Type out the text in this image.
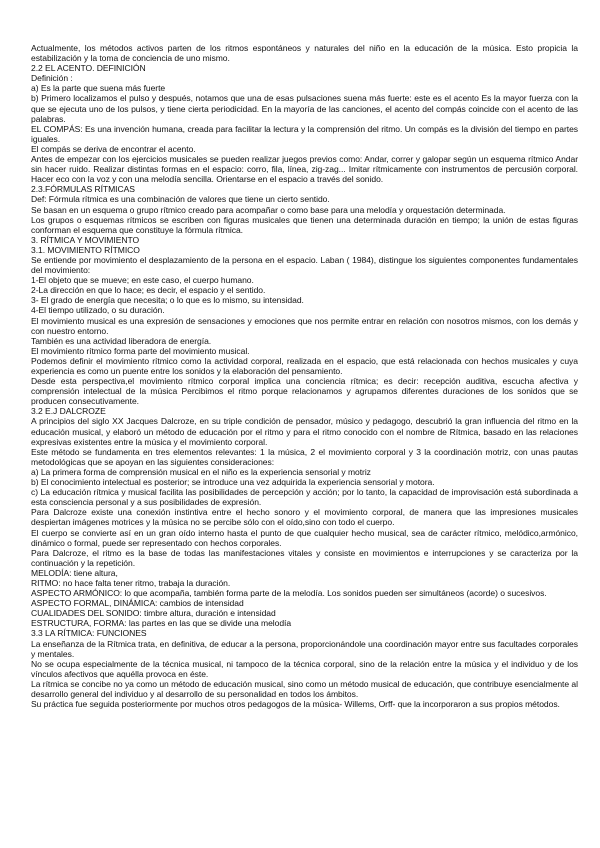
Actualmente, los métodos activos parten de los ritmos espontáneos y naturales del niño en la educación de la música. Esto propicia la estabilización y la toma de conciencia de uno mismo.

2.2 EL ACENTO. DEFINICIÓN

Definición :

a) Es la parte que suena más fuerte

b) Primero localizamos el pulso y después, notamos que una de esas pulsaciones suena más fuerte: este es el acento Es la mayor fuerza con la que se ejecuta uno de los pulsos, y tiene cierta periodicidad. En la mayoría de las canciones, el acento del compás coincide con el acento de las palabras.

EL COMPÁS: Es una invención humana, creada para facilitar la lectura y la comprensión del ritmo. Un compás es la división del tiempo en partes iguales.

El compás se deriva de encontrar el acento.

Antes de empezar con los ejercicios musicales se pueden realizar juegos previos como: Andar, correr y galopar según un esquema rítmico Andar sin hacer ruido. Realizar distintas formas en el espacio: corro, fila, línea, zig-zag... Imitar rítmicamente con instrumentos de percusión corporal. Hacer eco con la voz y con una melodía sencilla. Orientarse en el espacio a través del sonido.

2.3.FÓRMULAS RÍTMICAS

Def: Fórmula rítmica es una combinación de valores que tiene un cierto sentido.

Se basan en un esquema o grupo rítmico creado para acompañar o como base para una melodía y orquestación determinada.

Los grupos o esquemas rítmicos se escriben con figuras musicales que tienen una determinada duración en tiempo; la unión de estas figuras conforman el esquema que constituye la fórmula rítmica.

3. RÍTMICA Y MOVIMIENTO

3.1. MOVIMIENTO RÍTMICO

Se entiende por movimiento el desplazamiento de la persona en el espacio. Laban ( 1984), distingue los siguientes componentes fundamentales del movimiento:

1-El objeto que se mueve; en este caso, el cuerpo humano.

2-La dirección en que lo hace; es decir, el espacio y el sentido.

3- El grado de energía que necesita; o lo que es lo mismo, su intensidad.

4-El tiempo utilizado, o su duración.

El movimiento musical es una expresión de sensaciones y emociones que nos permite entrar en relación con nosotros mismos, con los demás y con nuestro entorno.

También es una actividad liberadora de energía.

El movimiento rítmico forma parte del movimiento musical.

Podemos definir el movimiento rítmico como la actividad corporal, realizada en el espacio, que está relacionada con hechos musicales y cuya experiencia es como un puente entre los sonidos y la elaboración del pensamiento.

Desde esta perspectiva,el movimiento rítmico corporal implica una conciencia rítmica; es decir: recepción auditiva, escucha afectiva y comprensión intelectual de la música Percibimos el ritmo porque relacionamos y agrupamos diferentes duraciones de los sonidos que se producen consecutivamente.

3.2 E.J DALCROZE

A principios del siglo XX Jacques Dalcroze, en su triple condición de pensador, músico y pedagogo, descubrió la gran influencia del ritmo en la educación musical, y elaboró un método de educación por el ritmo y para el ritmo conocido con el nombre de Rítmica, basado en las relaciones expresivas existentes entre la música y el movimiento corporal.

Este método se fundamenta en tres elementos relevantes: 1 la música, 2 el movimiento corporal y 3 la coordinación motriz, con unas pautas metodológicas que se apoyan en las siguientes consideraciones:

a) La primera forma de comprensión musical en el niño es la experiencia sensorial y motriz

b) El conocimiento intelectual es posterior; se introduce una vez adquirida la experiencia sensorial y motora.

c) La educación rítmica y musical facilita las posibilidades de percepción y acción; por lo tanto, la capacidad de improvisación está subordinada a esta consciencia personal y a sus posibilidades de expresión.

Para Dalcroze existe una conexión instintiva entre el hecho sonoro y el movimiento corporal, de manera que las impresiones musicales despiertan imágenes motrices y la música no se percibe sólo con el oído,sino con todo el cuerpo.

El cuerpo se convierte así en un gran oído interno hasta el punto de que cualquier hecho musical, sea de carácter rítmico, melódico,armónico, dinámico o formal, puede ser representado con hechos corporales.

Para Dalcroze, el ritmo es la base de todas las manifestaciones vitales y consiste en movimientos e interrupciones y se caracteriza por la continuación y la repetición.

MELODÍA: tiene altura,

RITMO: no hace falta tener ritmo, trabaja la duración.

ASPECTO ARMÓNICO: lo que acompaña, también forma parte de la melodía. Los sonidos pueden ser simultáneos (acorde) o sucesivos.

ASPECTO FORMAL, DINÁMICA: cambios de intensidad

CUALIDADES DEL SONIDO: timbre altura, duración e intensidad

ESTRUCTURA, FORMA: las partes en las que se divide una melodía

3.3 LA RÍTMICA: FUNCIONES

La enseñanza de la Rítmica trata, en definitiva, de educar a la persona, proporcionándole una coordinación mayor entre sus facultades corporales y mentales.

No se ocupa especialmente de la técnica musical, ni tampoco de la técnica corporal, sino de la relación entre la música y el individuo y de los vínculos afectivos que aquélla provoca en éste.

La rítmica se concibe no ya como un método de educación musical, sino como un método musical de educación, que contribuye esencialmente al desarrollo general del individuo y al desarrollo de su personalidad en todos los ámbitos.

Su práctica fue seguida posteriormente por muchos otros pedagogos de la música- Willems, Orff- que la incorporaron a sus propios métodos.
